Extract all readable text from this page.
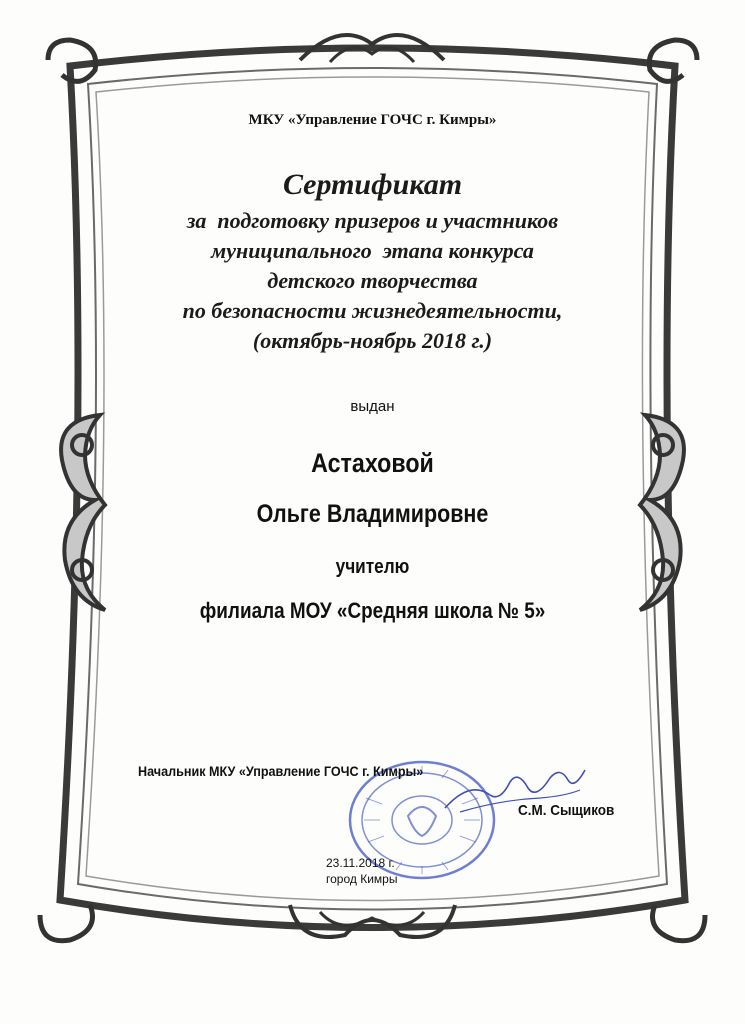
МКУ «Управление ГОЧС г. Кимры»
Сертификат
за  подготовку призеров и участников
муниципального  этапа конкурса
детского творчества
по безопасности жизнедеятельности,
(октябрь-ноябрь 2018 г.)
выдан
Астаховой
Ольге Владимировне
учителю
филиала МОУ «Средняя школа № 5»
Начальник МКУ «Управление ГОЧС г. Кимры»
С.М. Сыщиков
23.11.2018 г.
город Кимры
